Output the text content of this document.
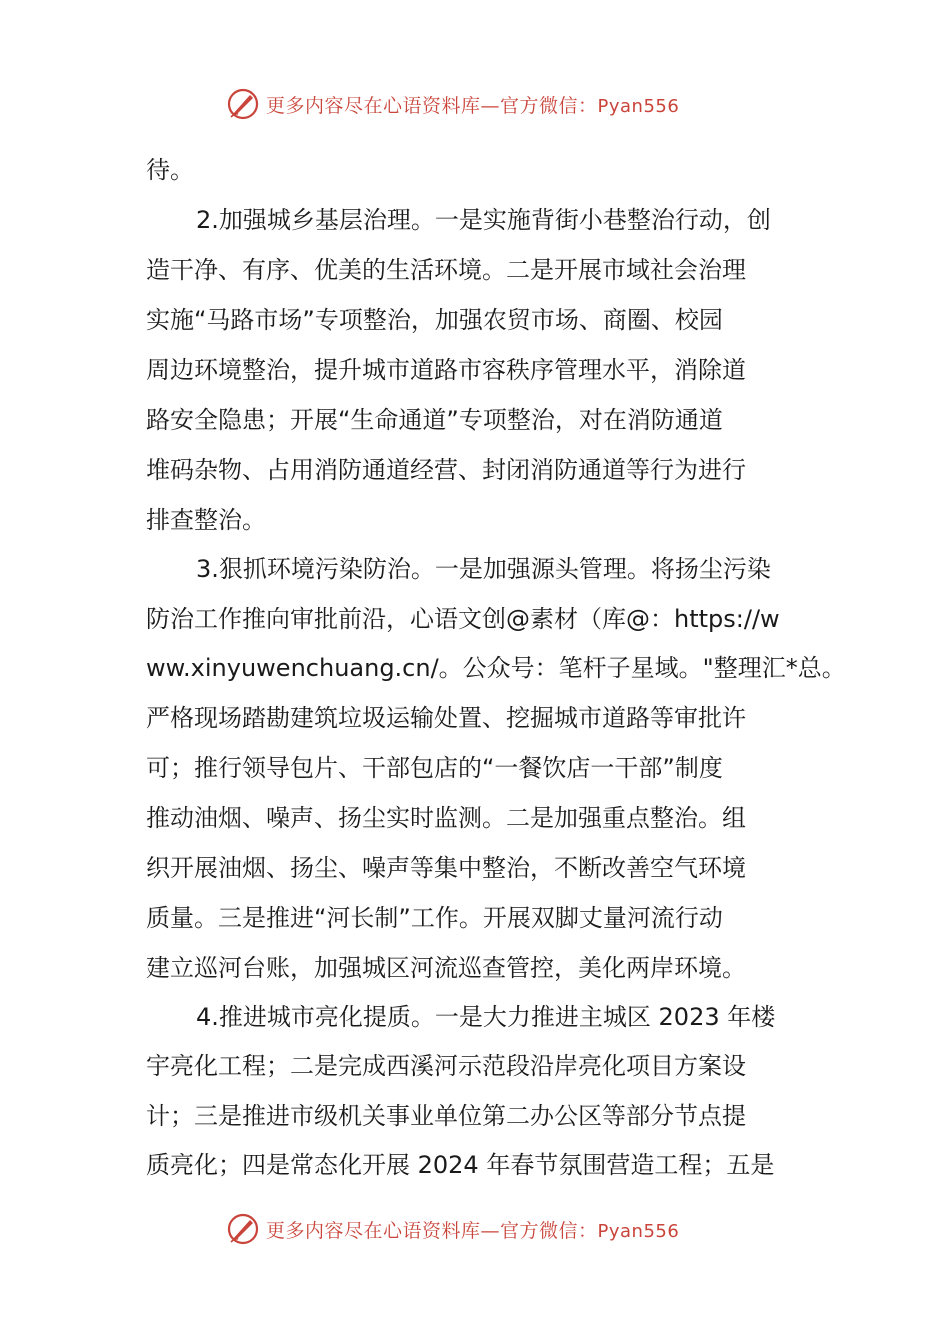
更多内容尽在心语资料库—官方微信：Pyan556
待。
2.加强城乡基层治理。一是实施背街小巷整治行动，创
造干净、有序、优美的生活环境。二是开展市域社会治理
实施“马路市场”专项整治，加强农贸市场、商圈、校园
周边环境整治，提升城市道路市容秩序管理水平，消除道
路安全隐患；开展“生命通道”专项整治，对在消防通道
堆码杂物、占用消防通道经营、封闭消防通道等行为进行
排查整治。
3.狠抓环境污染防治。一是加强源头管理。将扬尘污染
防治工作推向审批前沿，心语文创@素材（库@：https://w
ww.xinyuwenchuang.cn/。公众号：笔杆子星域。"整理汇*总。
严格现场踏勘建筑垃圾运输处置、挖掘城市道路等审批许
可；推行领导包片、干部包店的“一餐饮店一干部”制度
推动油烟、噪声、扬尘实时监测。二是加强重点整治。组
织开展油烟、扬尘、噪声等集中整治，不断改善空气环境
质量。三是推进“河长制”工作。开展双脚丈量河流行动
建立巡河台账，加强城区河流巡查管控，美化两岸环境。
4.推进城市亮化提质。一是大力推进主城区 2023 年楼
宇亮化工程；二是完成西溪河示范段沿岸亮化项目方案设
计；三是推进市级机关事业单位第二办公区等部分节点提
质亮化；四是常态化开展 2024 年春节氛围营造工程；五是
更多内容尽在心语资料库—官方微信：Pyan556
